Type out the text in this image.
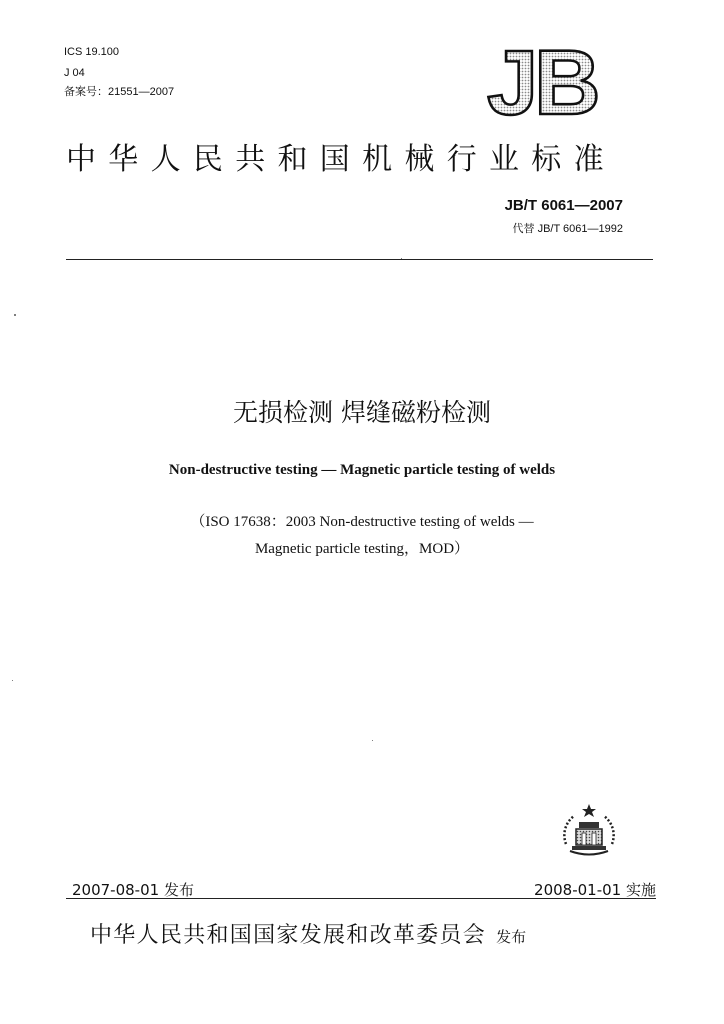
ICS 19.100
J 04
备案号：21551—2007	JB
中华人民共和国机械行业标准
JB/T 6061—2007
代替 JB/T 6061—1992
无损检测 焊缝磁粉检测
Non-destructive testing — Magnetic particle testing of welds
（ISO 17638：2003 Non-destructive testing of welds —
Magnetic particle testing，MOD）
2007-08-01 发布	2008-01-01 实施
中华人民共和国国家发展和改革委员会 发布
